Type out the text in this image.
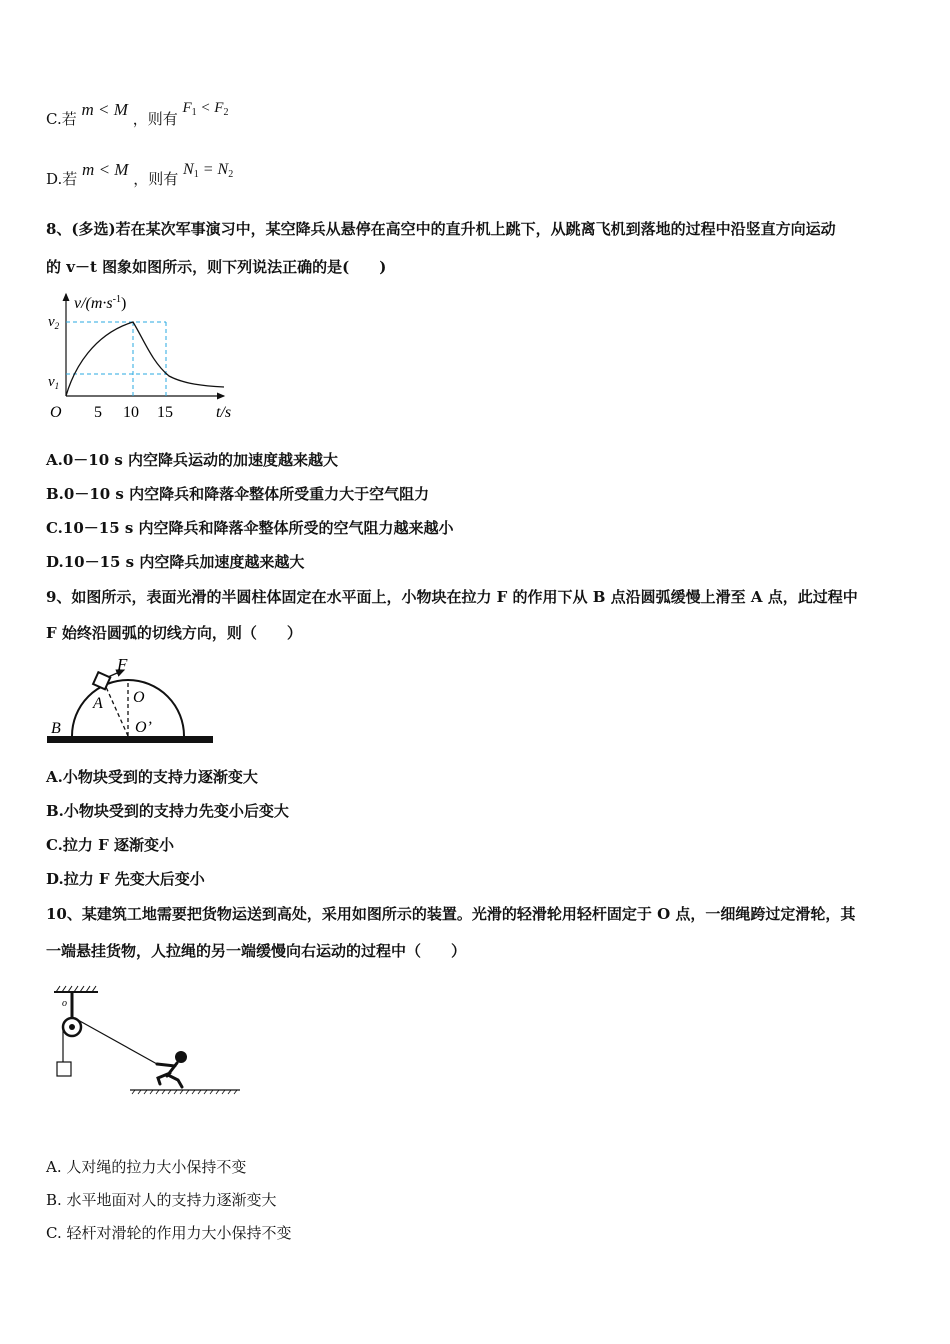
C.若 m < M ，则有 $F_1 < F_2$
D.若 m < M ，则有 $N_1 = N_2$
8、(多选)若在某次军事演习中，某空降兵从悬停在高空中的直升机上跳下，从跳离飞机到落地的过程中沿竖直方向运动
的 v－t 图象如图所示，则下列说法正确的是(　　)
$v/(m\cdot s^{-1})$
$v_2$
$v_1$
O 5 10 15	t/s
A.0－10 s 内空降兵运动的加速度越来越大
B.0－10 s 内空降兵和降落伞整体所受重力大于空气阻力
C.10－15 s 内空降兵和降落伞整体所受的空气阻力越来越小
D.10－15 s 内空降兵加速度越来越大
9、如图所示，表面光滑的半圆柱体固定在水平面上，小物块在拉力 F 的作用下从 B 点沿圆弧缓慢上滑至 A 点，此过程中
F 始终沿圆弧的切线方向，则（　　）
F
A O
O’
B
A.小物块受到的支持力逐渐变大
B.小物块受到的支持力先变小后变大
C.拉力 F 逐渐变小
D.拉力 F 先变大后变小
10、某建筑工地需要把货物运送到高处，采用如图所示的装置。光滑的轻滑轮用轻杆固定于 O 点，一细绳跨过定滑轮，其
一端悬挂货物，人拉绳的另一端缓慢向右运动的过程中（　　）
o
A. 人对绳的拉力大小保持不变
B. 水平地面对人的支持力逐渐变大
C. 轻杆对滑轮的作用力大小保持不变
